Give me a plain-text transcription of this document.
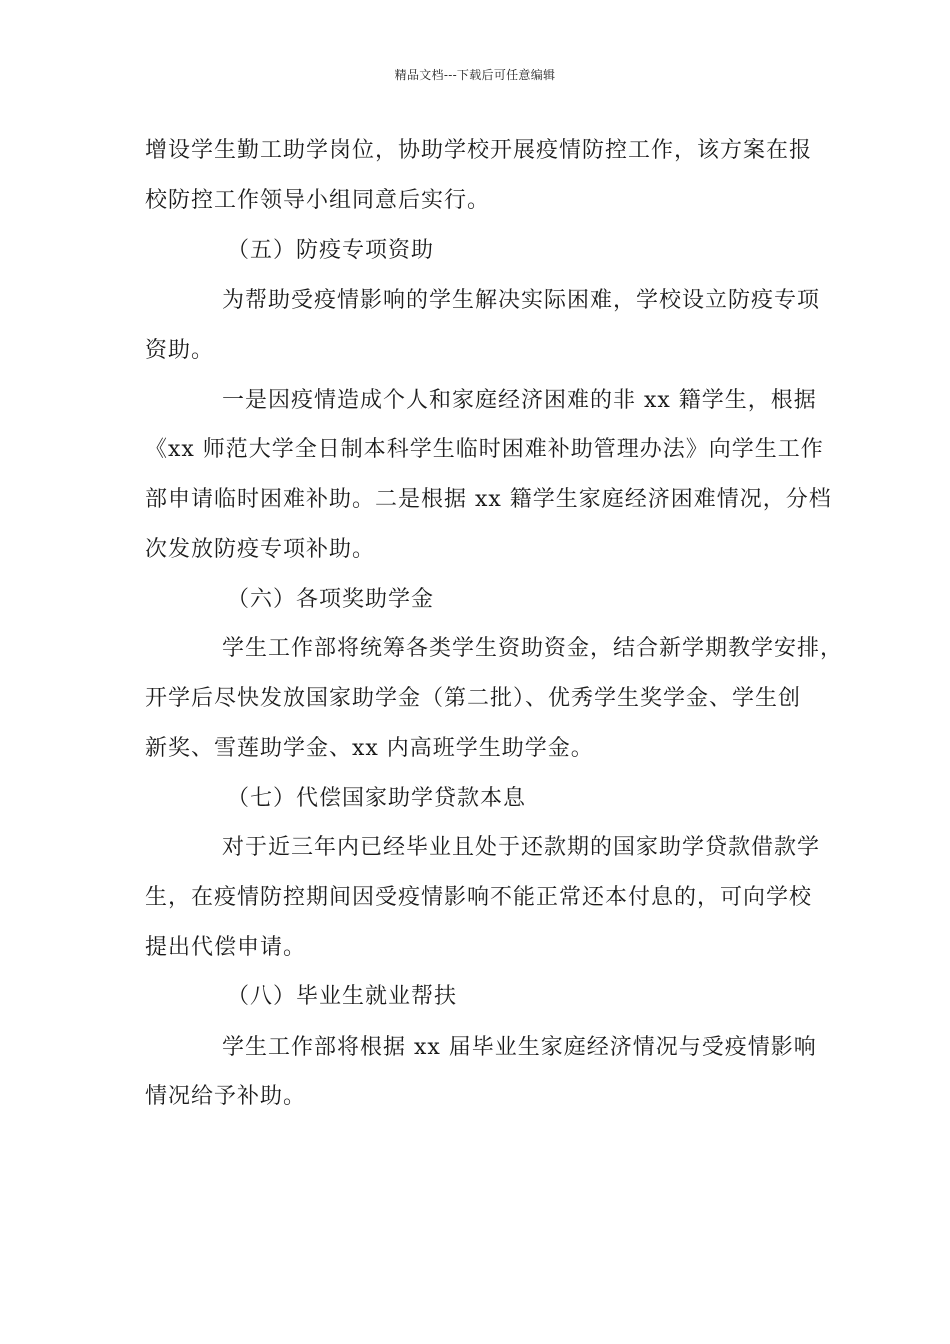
精品文档---下载后可任意编辑
增设学生勤工助学岗位，协助学校开展疫情防控工作，该方案在报
校防控工作领导小组同意后实行。
（五）防疫专项资助
为帮助受疫情影响的学生解决实际困难，学校设立防疫专项
资助。
一是因疫情造成个人和家庭经济困难的非 xx 籍学生，根据
《xx 师范大学全日制本科学生临时困难补助管理办法》向学生工作
部申请临时困难补助。二是根据 xx 籍学生家庭经济困难情况，分档
次发放防疫专项补助。
（六）各项奖助学金
学生工作部将统筹各类学生资助资金，结合新学期教学安排，
开学后尽快发放国家助学金（第二批）、优秀学生奖学金、学生创
新奖、雪莲助学金、xx 内高班学生助学金。
（七）代偿国家助学贷款本息
对于近三年内已经毕业且处于还款期的国家助学贷款借款学
生，在疫情防控期间因受疫情影响不能正常还本付息的，可向学校
提出代偿申请。
（八）毕业生就业帮扶
学生工作部将根据 xx 届毕业生家庭经济情况与受疫情影响
情况给予补助。
